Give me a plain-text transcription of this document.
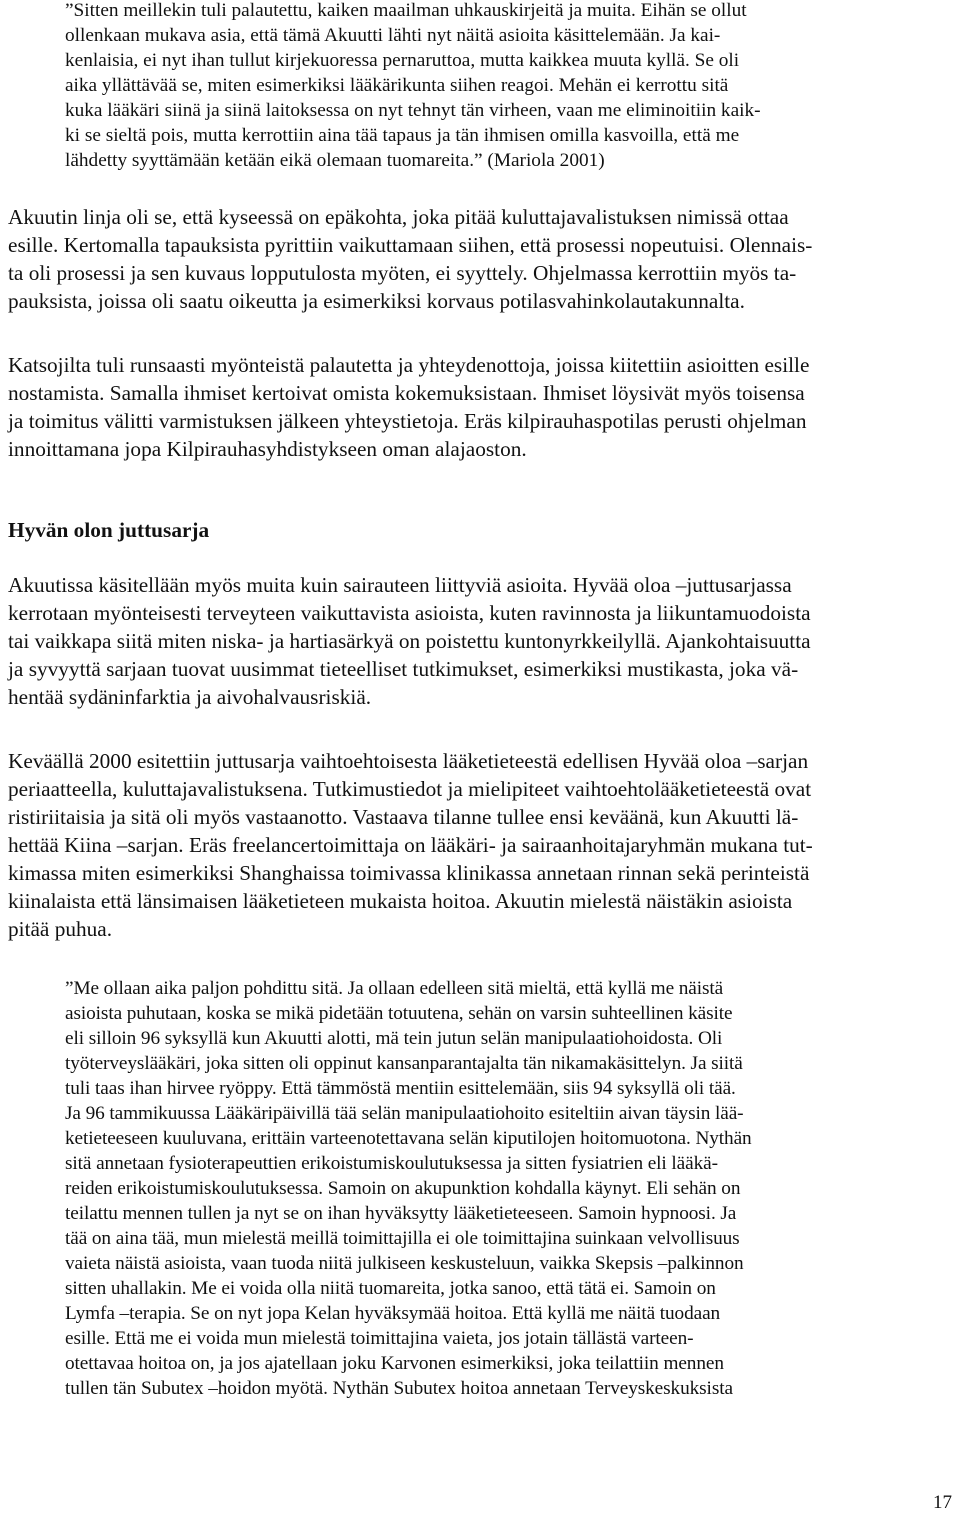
”Sitten meillekin tuli palautettu, kaiken maailman uhkauskirjeitä ja muita. Eihän se ollut

ollenkaan mukava asia, että tämä Akuutti lähti nyt näitä asioita käsittelemään. Ja kai-

kenlaisia, ei nyt ihan tullut kirjekuoressa pernaruttoa, mutta kaikkea muuta kyllä. Se oli

aika yllättävää se, miten esimerkiksi lääkärikunta siihen reagoi. Mehän ei kerrottu sitä

kuka lääkäri siinä ja siinä laitoksessa on nyt tehnyt tän virheen, vaan me eliminoitiin kaik-

ki se sieltä pois, mutta kerrottiin aina tää tapaus ja tän ihmisen omilla kasvoilla, että me

lähdetty syyttämään ketään eikä olemaan tuomareita.” (Mariola 2001)

Akuutin linja oli se, että kyseessä on epäkohta, joka pitää kuluttajavalistuksen nimissä ottaa

esille. Kertomalla tapauksista pyrittiin vaikuttamaan siihen, että prosessi nopeutuisi. Olennais-

ta oli prosessi ja sen kuvaus lopputulosta myöten, ei syyttely. Ohjelmassa kerrottiin myös ta-

pauksista, joissa oli saatu oikeutta ja esimerkiksi korvaus potilasvahinkolautakunnalta.

Katsojilta tuli runsaasti myönteistä palautetta ja yhteydenottoja, joissa kiitettiin asioitten esille

nostamista. Samalla ihmiset kertoivat omista kokemuksistaan. Ihmiset löysivät myös toisensa

ja toimitus välitti varmistuksen jälkeen yhteystietoja. Eräs kilpirauhaspotilas perusti ohjelman

innoittamana jopa Kilpirauhasyhdistykseen oman alajaoston.

Hyvän olon juttusarja

Akuutissa käsitellään myös muita kuin sairauteen liittyviä asioita. Hyvää oloa –juttusarjassa

kerrotaan myönteisesti terveyteen vaikuttavista asioista, kuten ravinnosta ja liikuntamuodoista

tai vaikkapa siitä miten niska- ja hartiasärkyä on poistettu kuntonyrkkeilyllä. Ajankohtaisuutta

ja syvyyttä sarjaan tuovat uusimmat tieteelliset tutkimukset, esimerkiksi mustikasta, joka vä-

hentää sydäninfarktia ja aivohalvausriskiä.

Keväällä 2000 esitettiin juttusarja vaihtoehtoisesta lääketieteestä edellisen Hyvää oloa –sarjan

periaatteella, kuluttajavalistuksena. Tutkimustiedot ja mielipiteet vaihtoehtolääketieteestä ovat

ristiriitaisia ja sitä oli myös vastaanotto. Vastaava tilanne tullee ensi keväänä, kun Akuutti lä-

hettää Kiina –sarjan. Eräs freelancertoimittaja on lääkäri- ja sairaanhoitajaryhmän mukana tut-

kimassa miten esimerkiksi Shanghaissa toimivassa klinikassa annetaan rinnan sekä perinteistä

kiinalaista että länsimaisen lääketieteen mukaista hoitoa. Akuutin mielestä näistäkin asioista

pitää puhua.

”Me ollaan aika paljon pohdittu sitä. Ja ollaan edelleen sitä mieltä, että kyllä me näistä

asioista puhutaan, koska se mikä pidetään totuutena, sehän on varsin suhteellinen käsite

eli silloin 96 syksyllä kun Akuutti alotti, mä tein jutun selän manipulaatiohoidosta. Oli

työterveyslääkäri, joka sitten oli oppinut kansanparantajalta tän nikamakäsittelyn. Ja siitä

tuli taas ihan hirvee ryöppy. Että tämmöstä mentiin esittelemään, siis 94 syksyllä oli tää.

Ja 96 tammikuussa Lääkäripäivillä tää selän manipulaatiohoito esiteltiin aivan täysin lää-

ketieteeseen kuuluvana, erittäin varteenotettavana selän kiputilojen hoitomuotona. Nythän

sitä annetaan fysioterapeuttien erikoistumiskoulutuksessa ja sitten fysiatrien eli lääkä-

reiden erikoistumiskoulutuksessa. Samoin on akupunktion kohdalla käynyt. Eli sehän on

teilattu mennen tullen ja nyt se on ihan hyväksytty lääketieteeseen. Samoin hypnoosi. Ja

tää on aina tää, mun mielestä meillä toimittajilla ei ole toimittajina suinkaan velvollisuus

vaieta näistä asioista, vaan tuoda niitä julkiseen keskusteluun, vaikka Skepsis –palkinnon

sitten uhallakin. Me ei voida olla niitä tuomareita, jotka sanoo, että tätä ei. Samoin on

Lymfa –terapia. Se on nyt jopa Kelan hyväksymää hoitoa. Että kyllä me näitä tuodaan

esille. Että me ei voida mun mielestä toimittajina vaieta, jos jotain tällästä varteen-

otettavaa hoitoa on, ja jos ajatellaan joku Karvonen esimerkiksi, joka teilattiin mennen

tullen tän Subutex –hoidon myötä. Nythän Subutex hoitoa annetaan Terveyskeskuksista

17
